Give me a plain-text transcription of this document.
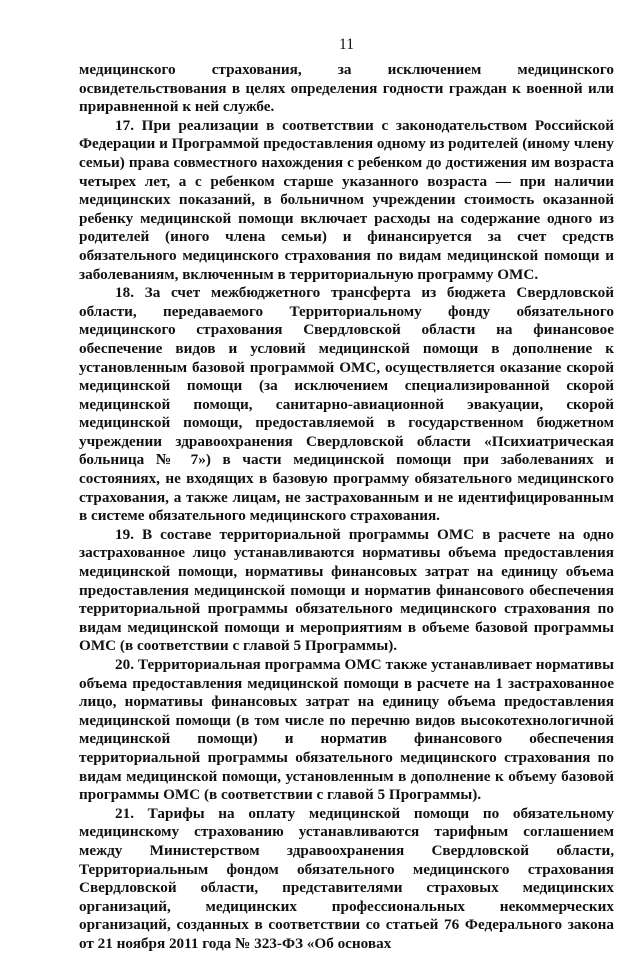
11

медицинского страхования, за исключением медицинского освидетельствования в целях определения годности граждан к военной или приравненной к ней службе.

17. При реализации в соответствии с законодательством Российской Федерации и Программой предоставления одному из родителей (иному члену семьи) права совместного нахождения с ребенком до достижения им возраста четырех лет, а с ребенком старше указанного возраста — при наличии медицинских показаний, в больничном учреждении стоимость оказанной ребенку медицинской помощи включает расходы на содержание одного из родителей (иного члена семьи) и финансируется за счет средств обязательного медицинского страхования по видам медицинской помощи и заболеваниям, включенным в территориальную программу ОМС.

18. За счет межбюджетного трансферта из бюджета Свердловской области, передаваемого Территориальному фонду обязательного медицинского страхования Свердловской области на финансовое обеспечение видов и условий медицинской помощи в дополнение к установленным базовой программой ОМС, осуществляется оказание скорой медицинской помощи (за исключением специализированной скорой медицинской помощи, санитарно-авиационной эвакуации, скорой медицинской помощи, предоставляемой в государственном бюджетном учреждении здравоохранения Свердловской области «Психиатрическая больница № 7») в части медицинской помощи при заболеваниях и состояниях, не входящих в базовую программу обязательного медицинского страхования, а также лицам, не застрахованным и не идентифицированным в системе обязательного медицинского страхования.

19. В составе территориальной программы ОМС в расчете на одно застрахованное лицо устанавливаются нормативы объема предоставления медицинской помощи, нормативы финансовых затрат на единицу объема предоставления медицинской помощи и норматив финансового обеспечения территориальной программы обязательного медицинского страхования по видам медицинской помощи и мероприятиям в объеме базовой программы ОМС (в соответствии с главой 5 Программы).

20. Территориальная программа ОМС также устанавливает нормативы объема предоставления медицинской помощи в расчете на 1 застрахованное лицо, нормативы финансовых затрат на единицу объема предоставления медицинской помощи (в том числе по перечню видов высокотехнологичной медицинской помощи) и норматив финансового обеспечения территориальной программы обязательного медицинского страхования по видам медицинской помощи, установленным в дополнение к объему базовой программы ОМС (в соответствии с главой 5 Программы).

21. Тарифы на оплату медицинской помощи по обязательному медицинскому страхованию устанавливаются тарифным соглашением между Министерством здравоохранения Свердловской области, Территориальным фондом обязательного медицинского страхования Свердловской области, представителями страховых медицинских организаций, медицинских профессиональных некоммерческих организаций, созданных в соответствии со статьей 76 Федерального закона от 21 ноября 2011 года № 323-ФЗ «Об основах
